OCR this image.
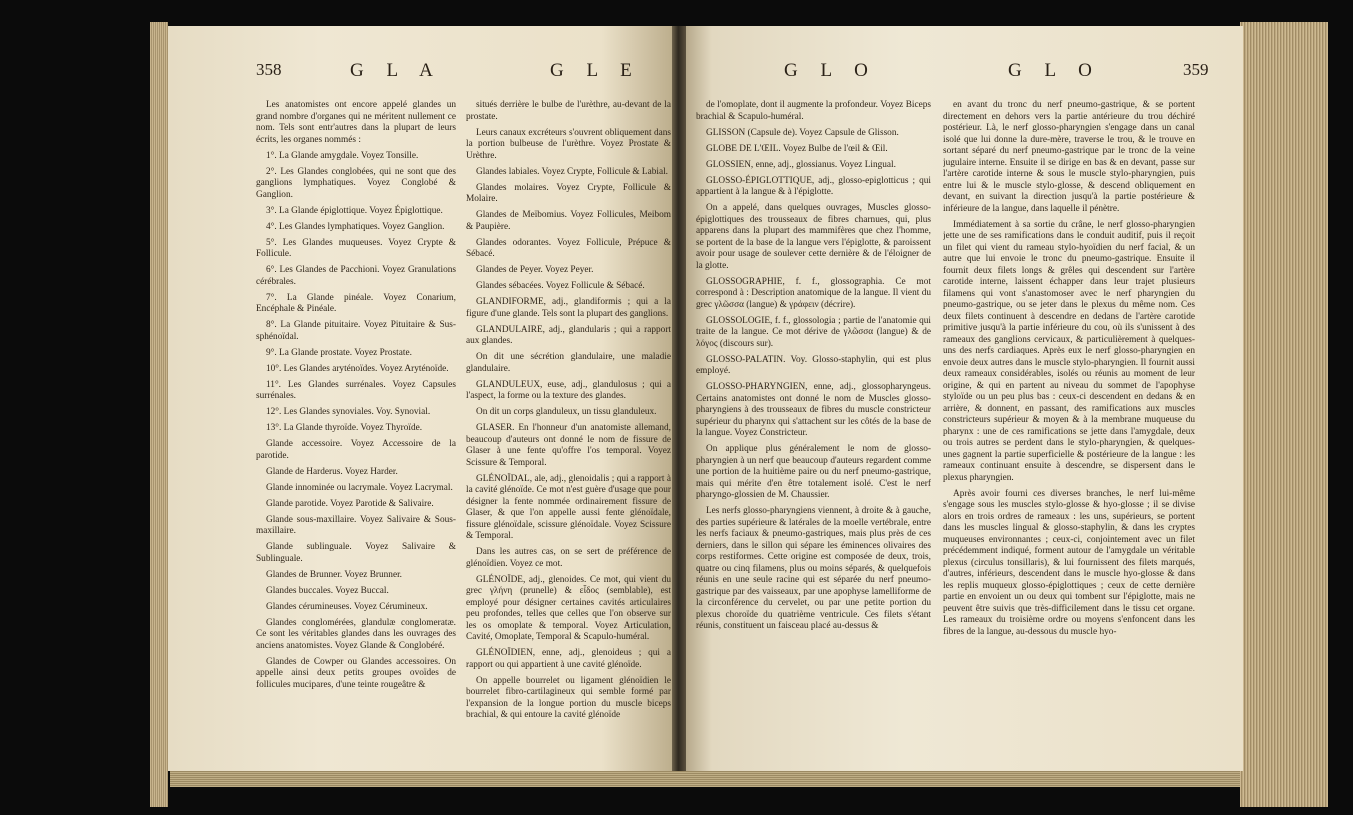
358	G L A	G L E

Les anatomistes ont encore appelé glandes un grand nombre d'organes qui ne méritent nullement ce nom. Tels sont entr'autres dans la plupart de leurs écrits, les organes nommés :

1°. La Glande amygdale. Voyez Tonsille.

2°. Les Glandes conglobées, qui ne sont que des ganglions lymphatiques. Voyez Conglobé & Ganglion.

3°. La Glande épiglottique. Voyez Épiglottique.

4°. Les Glandes lymphatiques. Voyez Ganglion.

5°. Les Glandes muqueuses. Voyez Crypte & Follicule.

6°. Les Glandes de Pacchioni. Voyez Granulations cérébrales.

7°. La Glande pinéale. Voyez Conarium, Encéphale & Pinéale.

8°. La Glande pituitaire. Voyez Pituitaire & Sus-sphénoïdal.

9°. La Glande prostate. Voyez Prostate.

10°. Les Glandes aryténoïdes. Voyez Aryténoïde.

11°. Les Glandes surrénales. Voyez Capsules surrénales.

12°. Les Glandes synoviales. Voy. Synovial.

13°. La Glande thyroïde. Voyez Thyroïde.

Glande accessoire. Voyez Accessoire de la parotide.

Glande de Harderus. Voyez Harder.

Glande innominée ou lacrymale. Voyez Lacrymal.

Glande parotide. Voyez Parotide & Salivaire.

Glande sous-maxillaire. Voyez Salivaire & Sous-maxillaire.

Glande sublinguale. Voyez Salivaire & Sublinguale.

Glandes de Brunner. Voyez Brunner.

Glandes buccales. Voyez Buccal.

Glandes cérumineuses. Voyez Cérumineux.

Glandes conglomérées, glandulæ conglomeratæ. Ce sont les véritables glandes dans les ouvrages des anciens anatomistes. Voyez Glande & Conglobéré.

Glandes de Cowper ou Glandes accessoires. On appelle ainsi deux petits groupes ovoïdes de follicules mucipares, d'une teinte rougeâtre &

situés derrière le bulbe de l'urèthre, au-devant de la prostate.

Leurs canaux excréteurs s'ouvrent obliquement dans la portion bulbeuse de l'urèthre. Voyez Prostate & Urèthre.

Glandes labiales. Voyez Crypte, Follicule & Labial.

Glandes molaires. Voyez Crypte, Follicule & Molaire.

Glandes de Meïbomius. Voyez Follicules, Meibom & Paupière.

Glandes odorantes. Voyez Follicule, Prépuce & Sébacé.

Glandes de Peyer. Voyez Peyer.

Glandes sébacées. Voyez Follicule & Sébacé.

GLANDIFORME, adj., glandiformis ; qui a la figure d'une glande. Tels sont la plupart des ganglions.

GLANDULAIRE, adj., glandularis ; qui a rapport aux glandes.

On dit une sécrétion glandulaire, une maladie glandulaire.

GLANDULEUX, euse, adj., glandulosus ; qui a l'aspect, la forme ou la texture des glandes.

On dit un corps glanduleux, un tissu glanduleux.

GLASER. En l'honneur d'un anatomiste allemand, beaucoup d'auteurs ont donné le nom de fissure de Glaser à une fente qu'offre l'os temporal. Voyez Scissure & Temporal.

GLÉNOÏDAL, ale, adj., glenoidalis ; qui a rapport à la cavité glénoïde. Ce mot n'est guère d'usage que pour désigner la fente nommée ordinairement fissure de Glaser, & que l'on appelle aussi fente glénoïdale, fissure glénoïdale, scissure glénoïdale. Voyez Scissure & Temporal.

Dans les autres cas, on se sert de préférence de glénoïdien. Voyez ce mot.

GLÉNOÏDE, adj., glenoides. Ce mot, qui vient du grec γλήνη (prunelle) & εἶδος (semblable), est employé pour désigner certaines cavités articulaires peu profondes, telles que celles que l'on observe sur les os omoplate & temporal. Voyez Articulation, Cavité, Omoplate, Temporal & Scapulo-huméral.

GLÉNOÏDIEN, enne, adj., glenoideus ; qui a rapport ou qui appartient à une cavité glénoïde.

On appelle bourrelet ou ligament glénoïdien le bourrelet fibro-cartilagineux qui semble formé par l'expansion de la longue portion du muscle biceps brachial, & qui entoure la cavité glénoïde

G L O	G L O	359

de l'omoplate, dont il augmente la profondeur. Voyez Biceps brachial & Scapulo-huméral.

GLISSON (Capsule de). Voyez Capsule de Glisson.

GLOBE DE L'ŒIL. Voyez Bulbe de l'œil & Œil.

GLOSSIEN, enne, adj., glossianus. Voyez Lingual.

GLOSSO-ÉPIGLOTTIQUE, adj., glosso-epiglotticus ; qui appartient à la langue & à l'épiglotte.

On a appelé, dans quelques ouvrages, Muscles glosso-épiglottiques des trousseaux de fibres charnues, qui, plus apparens dans la plupart des mammifères que chez l'homme, se portent de la base de la langue vers l'épiglotte, & paroissent avoir pour usage de soulever cette dernière & de l'éloigner de la glotte.

GLOSSOGRAPHIE, f. f., glossographia. Ce mot correspond à : Description anatomique de la langue. Il vient du grec γλῶσσα (langue) & γράφειν (décrire).

GLOSSOLOGIE, f. f., glossologia ; partie de l'anatomie qui traite de la langue. Ce mot dérive de γλῶσσα (langue) & de λόγος (discours sur).

GLOSSO-PALATIN. Voy. Glosso-staphylin, qui est plus employé.

GLOSSO-PHARYNGIEN, enne, adj., glossopharyngeus. Certains anatomistes ont donné le nom de Muscles glosso-pharyngiens à des trousseaux de fibres du muscle constricteur supérieur du pharynx qui s'attachent sur les côtés de la base de la langue. Voyez Constricteur.

On applique plus généralement le nom de glosso-pharyngien à un nerf que beaucoup d'auteurs regardent comme une portion de la huitième paire ou du nerf pneumo-gastrique, mais qui mérite d'en être totalement isolé. C'est le nerf pharyngo-glossien de M. Chaussier.

Les nerfs glosso-pharyngiens viennent, à droite & à gauche, des parties supérieure & latérales de la moelle vertébrale, entre les nerfs faciaux & pneumo-gastriques, mais plus près de ces derniers, dans le sillon qui sépare les éminences olivaires des corps restiformes. Cette origine est composée de deux, trois, quatre ou cinq filamens, plus ou moins séparés, & quelquefois réunis en une seule racine qui est séparée du nerf pneumo-gastrique par des vaisseaux, par une apophyse lamelliforme de la circonférence du cervelet, ou par une petite portion du plexus choroïde du quatrième ventricule. Ces filets s'étant réunis, constituent un faisceau placé au-dessus &

en avant du tronc du nerf pneumo-gastrique, & se portent directement en dehors vers la partie antérieure du trou déchiré postérieur. Là, le nerf glosso-pharyngien s'engage dans un canal isolé que lui donne la dure-mère, traverse le trou, & le trouve en sortant séparé du nerf pneumo-gastrique par le tronc de la veine jugulaire interne. Ensuite il se dirige en bas & en devant, passe sur l'artère carotide interne & sous le muscle stylo-pharyngien, puis entre lui & le muscle stylo-glosse, & descend obliquement en devant, en suivant la direction jusqu'à la partie postérieure & inférieure de la langue, dans laquelle il pénètre.

Immédiatement à sa sortie du crâne, le nerf glosso-pharyngien jette une de ses ramifications dans le conduit auditif, puis il reçoit un filet qui vient du rameau stylo-hyoïdien du nerf facial, & un autre que lui envoie le tronc du pneumo-gastrique. Ensuite il fournit deux filets longs & grêles qui descendent sur l'artère carotide interne, laissent échapper dans leur trajet plusieurs filamens qui vont s'anastomoser avec le nerf pharyngien du pneumo-gastrique, ou se jeter dans le plexus du même nom. Ces deux filets continuent à descendre en dedans de l'artère carotide primitive jusqu'à la partie inférieure du cou, où ils s'unissent à des rameaux des ganglions cervicaux, & particulièrement à quelques-uns des nerfs cardiaques. Après eux le nerf glosso-pharyngien en envoie deux autres dans le muscle stylo-pharyngien. Il fournit aussi deux rameaux considérables, isolés ou réunis au moment de leur origine, & qui en partent au niveau du sommet de l'apophyse styloïde ou un peu plus bas : ceux-ci descendent en dedans & en arrière, & donnent, en passant, des ramifications aux muscles constricteurs supérieur & moyen & à la membrane muqueuse du pharynx : une de ces ramifications se jette dans l'amygdale, deux ou trois autres se perdent dans le stylo-pharyngien, & quelques-unes gagnent la partie superficielle & postérieure de la langue : les rameaux continuant ensuite à descendre, se dispersent dans le plexus pharyngien.

Après avoir fourni ces diverses branches, le nerf lui-même s'engage sous les muscles stylo-glosse & hyo-glosse ; il se divise alors en trois ordres de rameaux : les uns, supérieurs, se portent dans les muscles lingual & glosso-staphylin, & dans les cryptes muqueuses environnantes ; ceux-ci, conjointement avec un filet précédemment indiqué, forment autour de l'amygdale un véritable plexus (circulus tonsillaris), & lui fournissent des filets marqués, d'autres, inférieurs, descendent dans le muscle hyo-glosse & dans les replis muqueux glosso-épiglottiques ; ceux de cette dernière partie en envoient un ou deux qui tombent sur l'épiglotte, mais ne peuvent être suivis que très-difficilement dans le tissu cet organe. Les rameaux du troisième ordre ou moyens s'enfoncent dans les fibres de la langue, au-dessous du muscle hyo-
